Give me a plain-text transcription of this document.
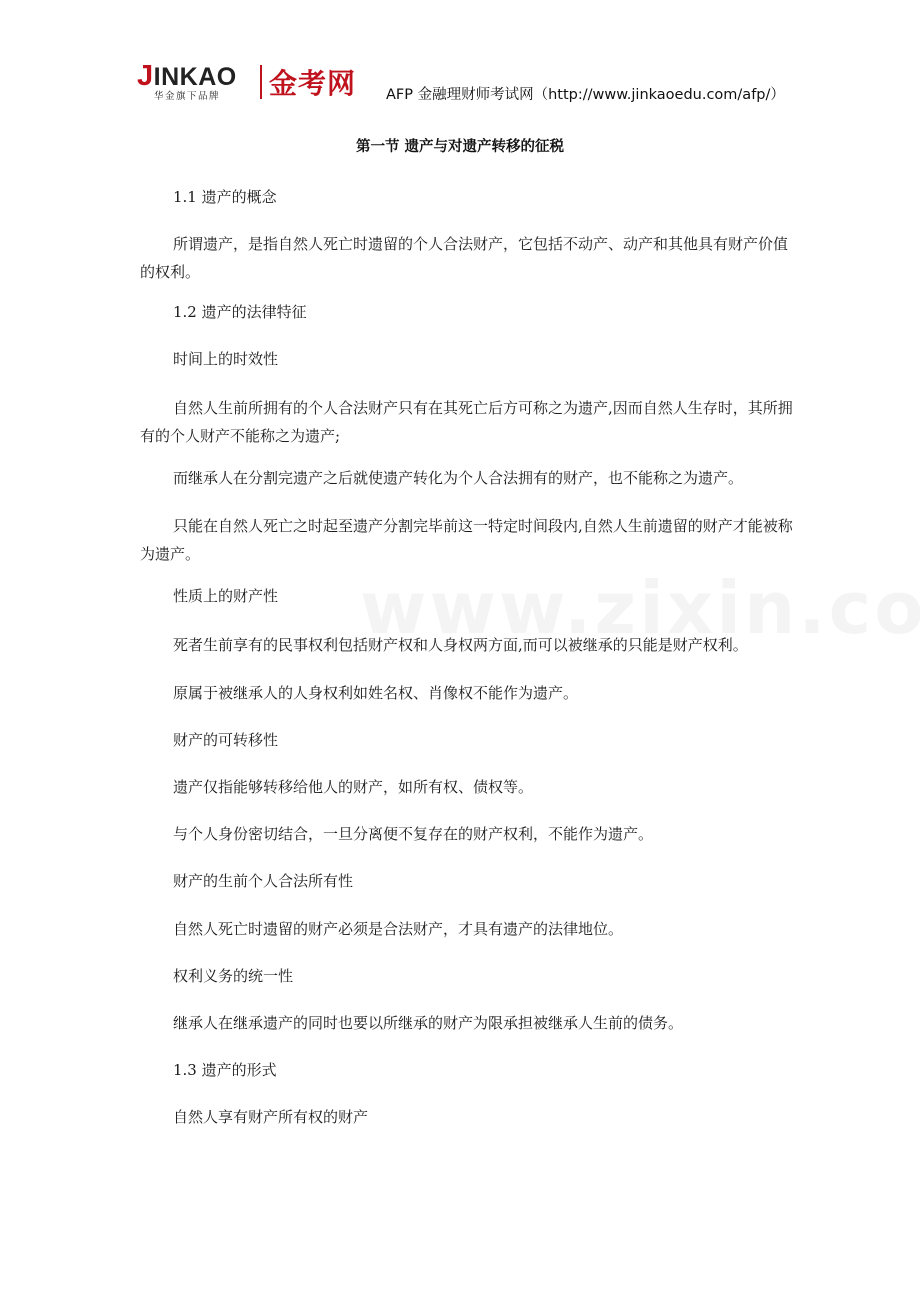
JINKAO
华金旗下品牌 金考网 AFP 金融理财师考试网（http://www.jinkaoedu.com/afp/）
第一节 遗产与对遗产转移的征税
1.1 遗产的概念
所谓遗产，是指自然人死亡时遗留的个人合法财产，它包括不动产、动产和其他具有财产价值的权利。
1.2 遗产的法律特征
时间上的时效性
自然人生前所拥有的个人合法财产只有在其死亡后方可称之为遗产,因而自然人生存时，其所拥有的个人财产不能称之为遗产;
而继承人在分割完遗产之后就使遗产转化为个人合法拥有的财产，也不能称之为遗产。
只能在自然人死亡之时起至遗产分割完毕前这一特定时间段内,自然人生前遗留的财产才能被称为遗产。
性质上的财产性
死者生前享有的民事权利包括财产权和人身权两方面,而可以被继承的只能是财产权利。
原属于被继承人的人身权利如姓名权、肖像权不能作为遗产。
财产的可转移性
遗产仅指能够转移给他人的财产，如所有权、债权等。
与个人身份密切结合，一旦分离便不复存在的财产权利，不能作为遗产。
财产的生前个人合法所有性
自然人死亡时遗留的财产必须是合法财产，才具有遗产的法律地位。
权利义务的统一性
继承人在继承遗产的同时也要以所继承的财产为限承担被继承人生前的债务。
1.3 遗产的形式
自然人享有财产所有权的财产
